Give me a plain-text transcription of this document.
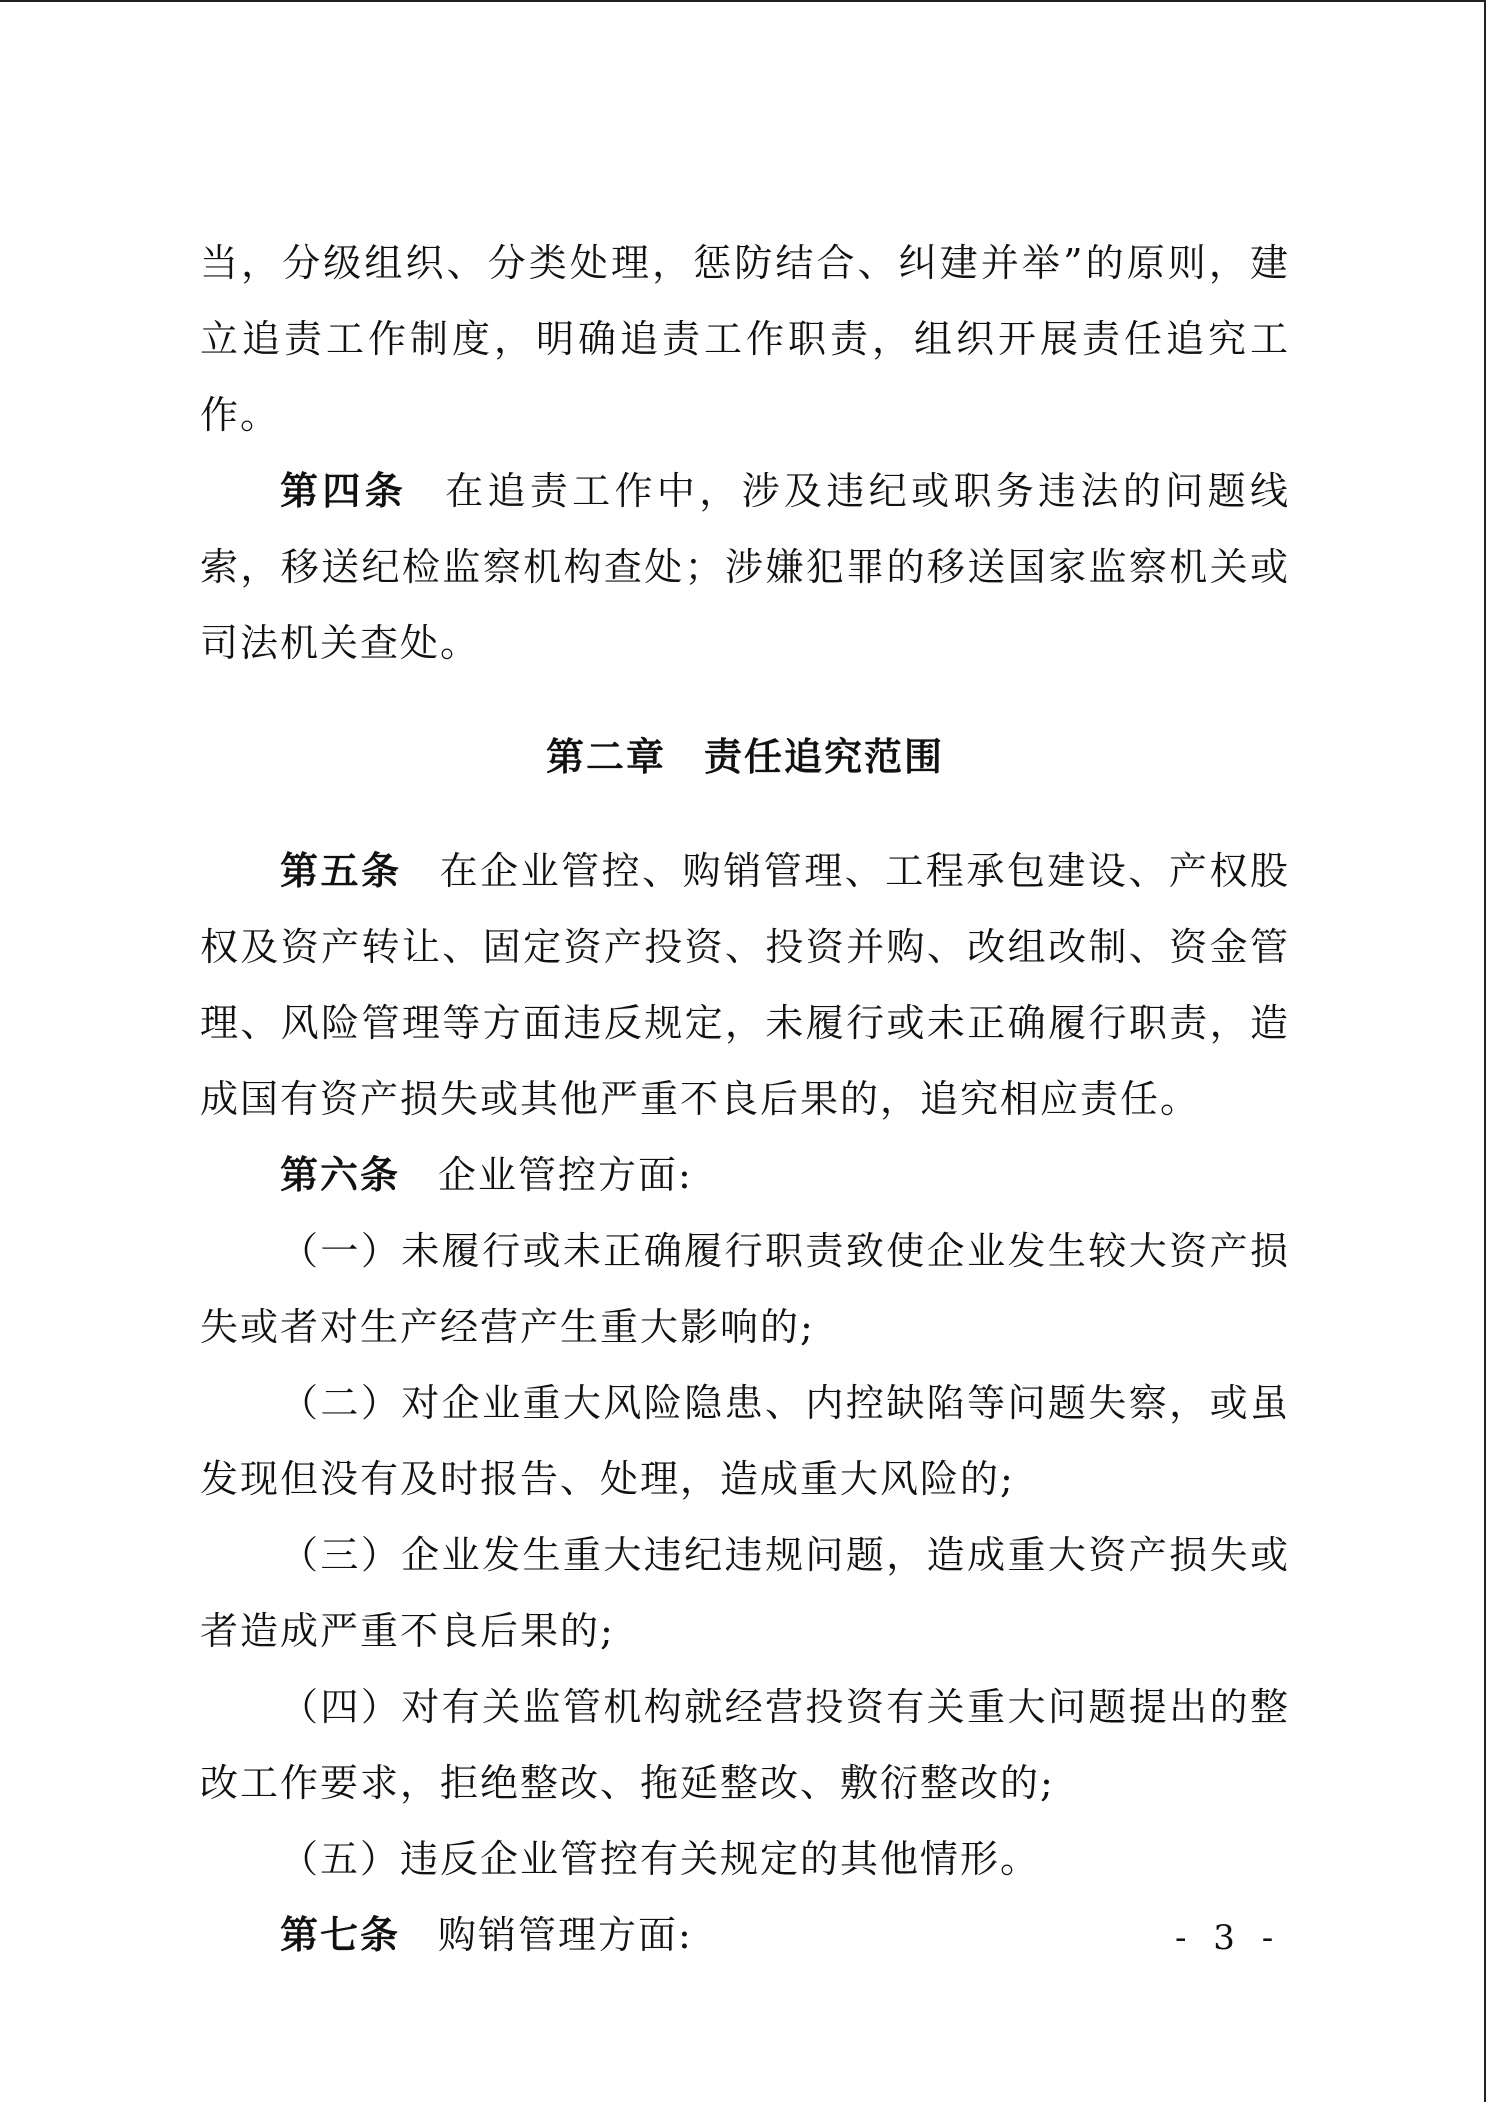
当，分级组织、分类处理，惩防结合、纠建并举”的原则，建立追责工作制度，明确追责工作职责，组织开展责任追究工作。

第四条 在追责工作中，涉及违纪或职务违法的问题线索，移送纪检监察机构查处；涉嫌犯罪的移送国家监察机关或司法机关查处。

第二章 责任追究范围

第五条 在企业管控、购销管理、工程承包建设、产权股权及资产转让、固定资产投资、投资并购、改组改制、资金管理、风险管理等方面违反规定，未履行或未正确履行职责，造成国有资产损失或其他严重不良后果的，追究相应责任。

第六条 企业管控方面:

（一）未履行或未正确履行职责致使企业发生较大资产损失或者对生产经营产生重大影响的;

（二）对企业重大风险隐患、内控缺陷等问题失察，或虽发现但没有及时报告、处理，造成重大风险的;

（三）企业发生重大违纪违规问题，造成重大资产损失或者造成严重不良后果的;

（四）对有关监管机构就经营投资有关重大问题提出的整改工作要求，拒绝整改、拖延整改、敷衍整改的;

（五）违反企业管控有关规定的其他情形。

第七条 购销管理方面:	- 3 -
